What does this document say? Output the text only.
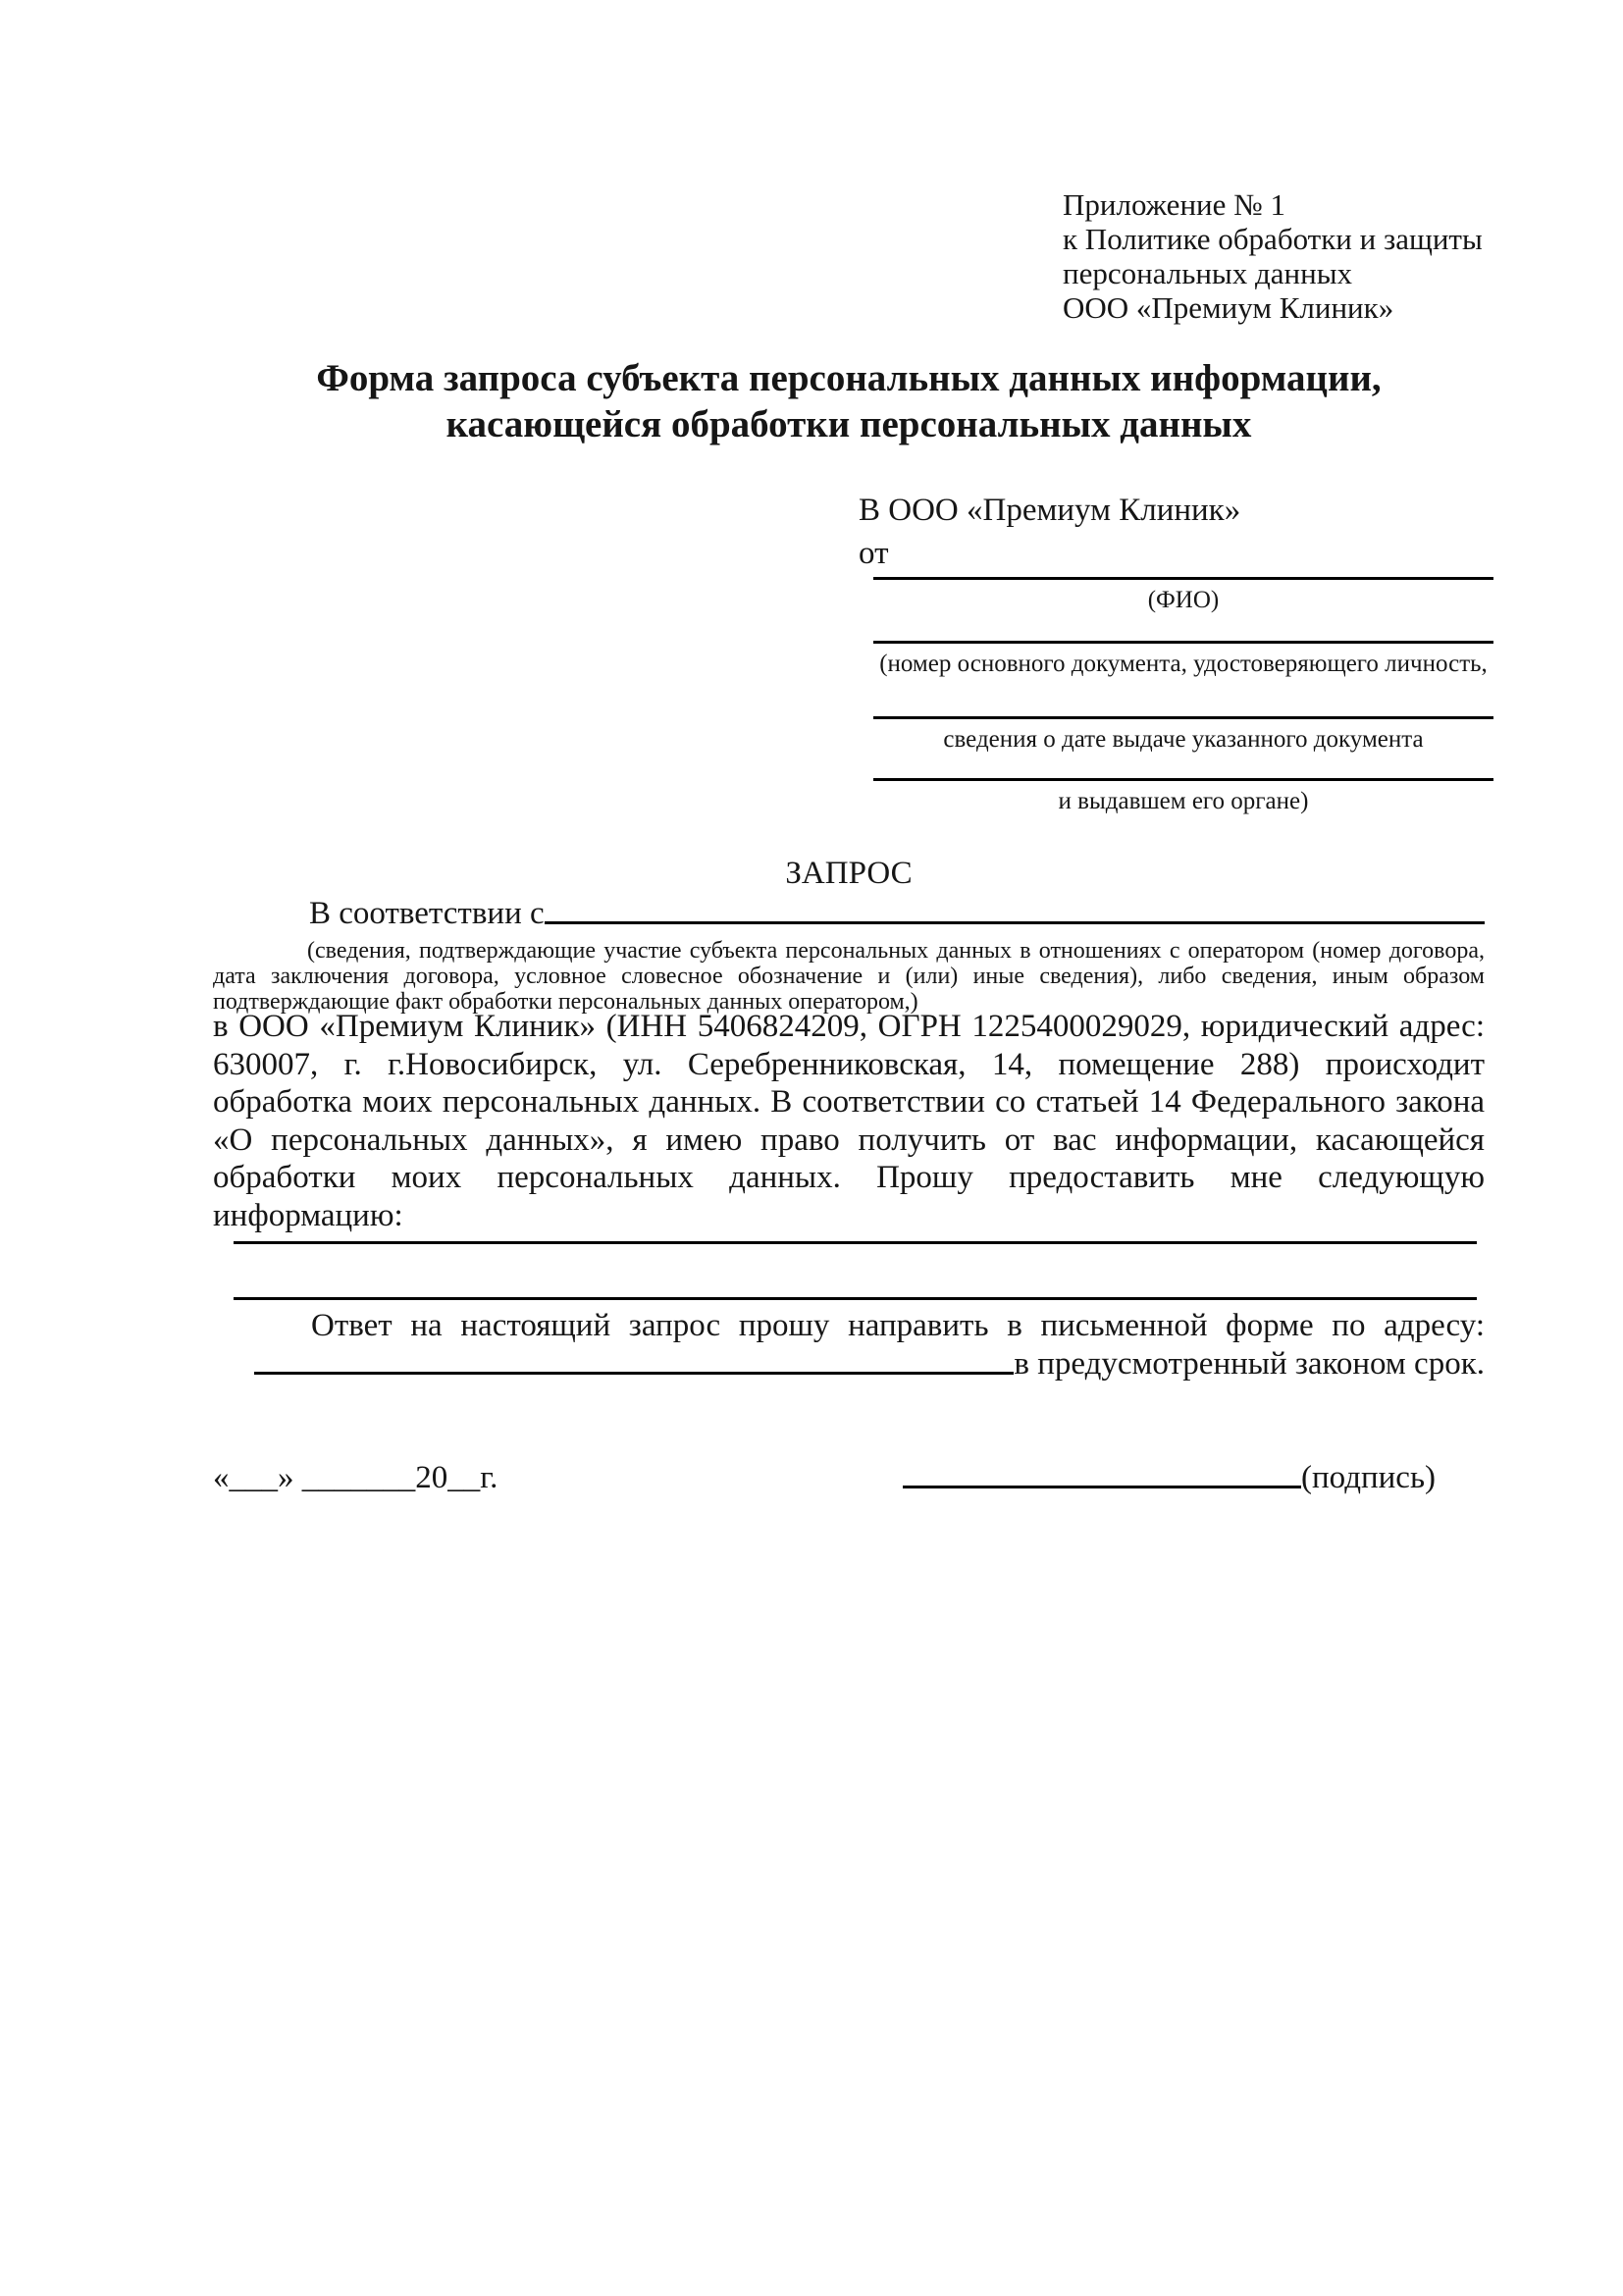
Приложение № 1
к Политике обработки и защиты
персональных данных
ООО «Премиум Клиник»
Форма запроса субъекта персональных данных информации,
касающейся обработки персональных данных
В ООО «Премиум Клиник»
от
(ФИО)
(номер основного документа, удостоверяющего личность,
сведения о дате выдаче указанного документа
и выдавшем его органе)
ЗАПРОС
В соответствии с
(сведения, подтверждающие участие субъекта персональных данных в отношениях с оператором (номер договора, дата заключения договора, условное словесное обозначение и (или) иные сведения), либо сведения, иным образом подтверждающие факт обработки персональных данных оператором,)
в ООО «Премиум Клиник» (ИНН 5406824209, ОГРН 1225400029029, юридический адрес: 630007, г. г.Новосибирск, ул. Серебренниковская, 14, помещение 288) происходит обработка моих персональных данных. В соответствии со статьей 14 Федерального закона «О персональных данных», я имею право получить от вас информации, касающейся обработки моих персональных данных. Прошу предоставить мне следующую информацию:
Ответ на настоящий запрос прошу направить в письменной форме по адресу:
в предусмотренный законом срок.
«___» _______20__г.	(подпись)
